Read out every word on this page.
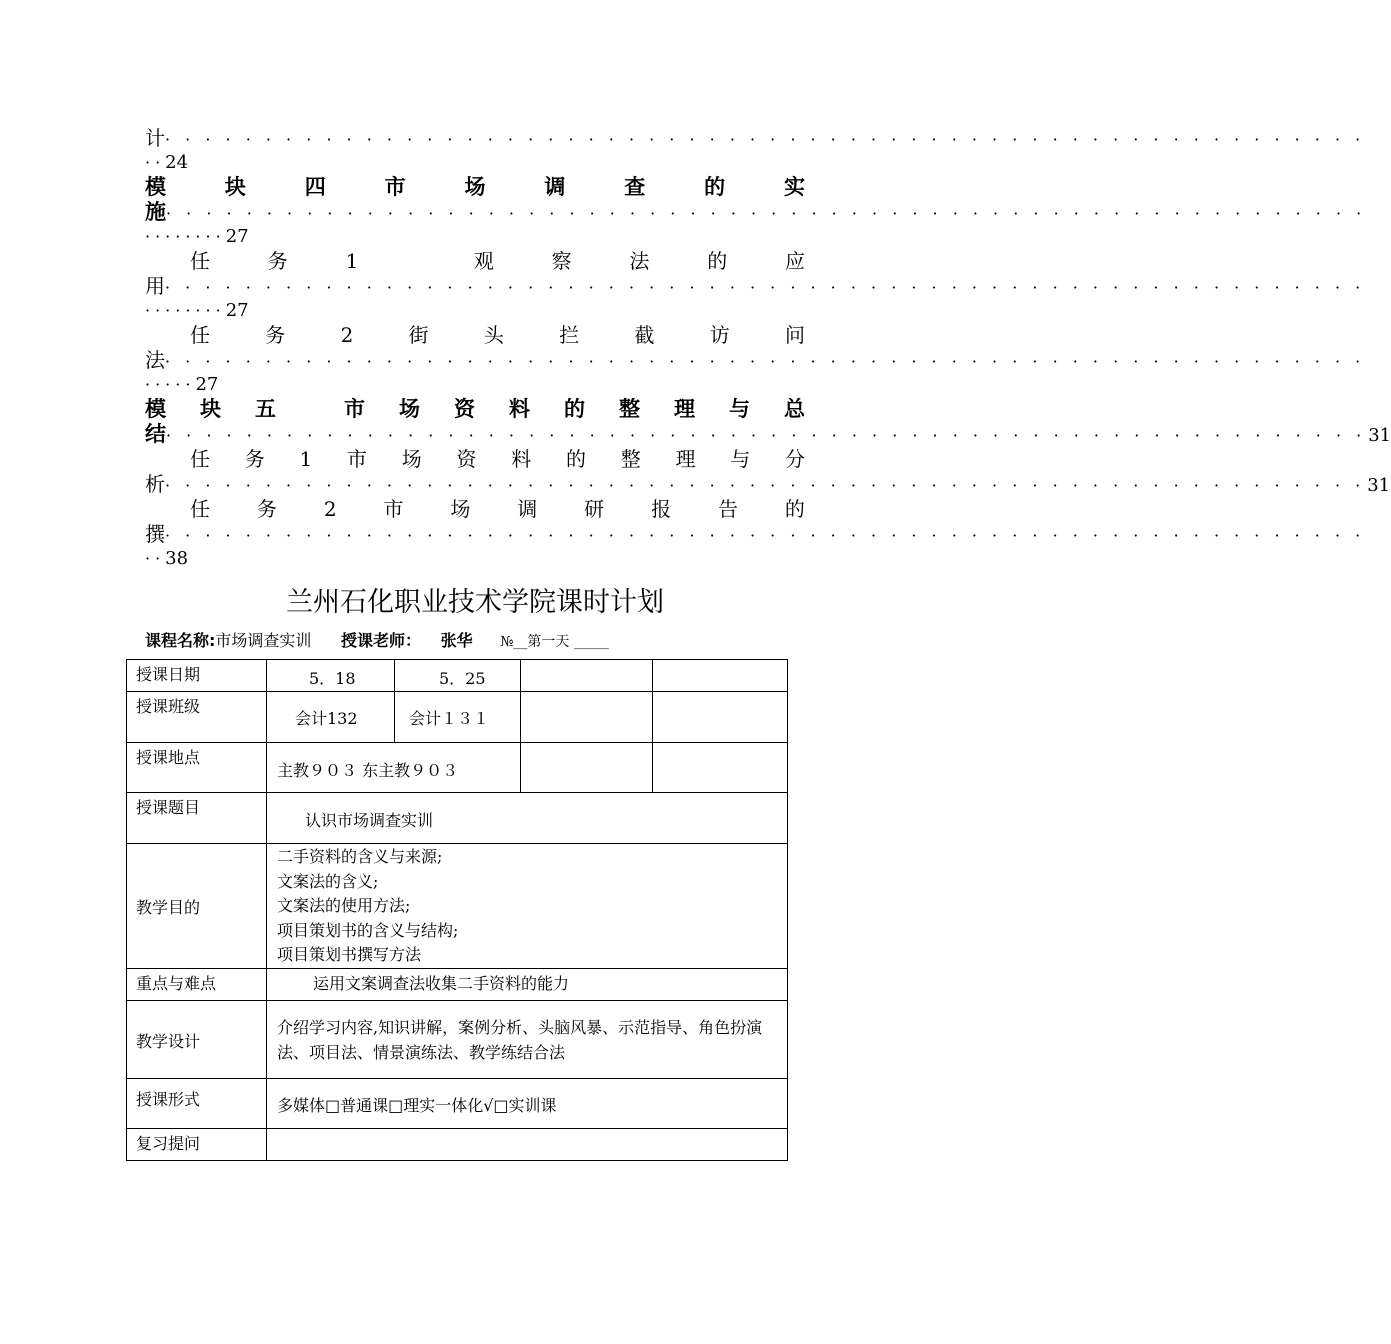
计 · · · · · · · · · · · · · · · · · · · · · · · · · · · · · · · · · · · · · · · · · · · · · · · · · · · · · · · · · · · ·
··24
模	块	四	市	场	调	查	的	实
施 · · · · · · · · · · · · · · · · · · · · · · · · · · · · · · · · · · · · · · · · · · · · · · · · · · · · · · · · · · · ·
········27
任	务	1	观	察	法	的	应
用 · · · · · · · · · · · · · · · · · · · · · · · · · · · · · · · · · · · · · · · · · · · · · · · · · · · · · · · · · · · ·
········27
任	务	2	街	头	拦	截	访	问
法 · · · · · · · · · · · · · · · · · · · · · · · · · · · · · · · · · · · · · · · · · · · · · · · · · · · · · · · · · · · ·
·····27
模 块 五	市 场 资 料 的 整 理 与 总
结 · · · · · · · · · · · · · · · · · · · · · · · · · · · · · · · · · · · · · · · · · · · · · · · · · · · · · · · · · · · · 31
任 务 1 市 场 资 料 的 整 理 与 分
析 · · · · · · · · · · · · · · · · · · · · · · · · · · · · · · · · · · · · · · · · · · · · · · · · · · · · · · · · · · · · 31
任 务 2 市 场 调 研 报 告 的
撰 · · · · · · · · · · · · · · · · · · · · · · · · · · · · · · · · · · · · · · · · · · · · · · · · · · · · · · · · · · · ·
··38
兰州石化职业技术学院课时计划
课程名称:市场调查实训 授课老师： 张华 №__第一天 _____
授课日期	5．18	5．25		

授课班级	会计132	会计１３１		

授课地点	主教９０３ 东主教９０３			

授课题目	认识市场调查实训			

教学目的	二手资料的含义与来源;
文案法的含义;
文案法的使用方法;
项目策划书的含义与结构;
项目策划书撰写方法			

重点与难点	运用文案调查法收集二手资料的能力			

教学设计	介绍学习内容,知识讲解，案例分析、头脑风暴、示范指导、角色扮演法、项目法、情景演练法、教学练结合法			

授课形式	多媒体□普通课□理实一体化√□实训课			

复习提问				
